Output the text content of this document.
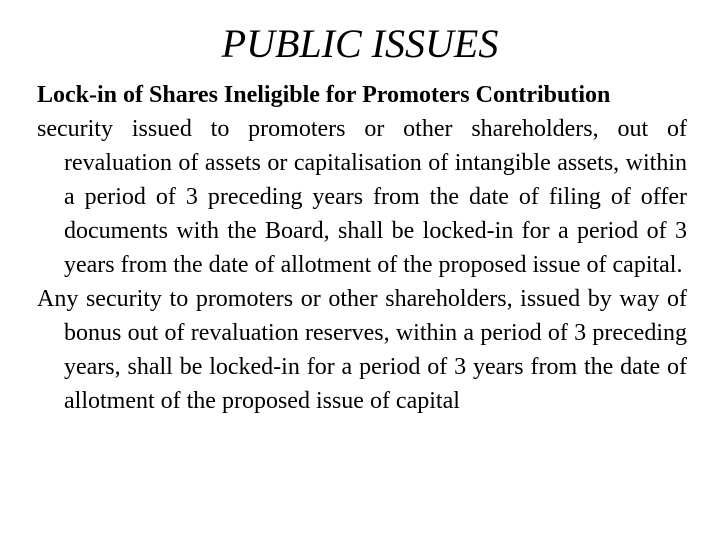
PUBLIC ISSUES

Lock-in of Shares Ineligible for Promoters Contribution

security issued to promoters or other shareholders, out of revaluation of assets or capitalisation of intangible assets, within a period of 3 preceding years from the date of filing of offer documents with the Board, shall be locked-in for a period of 3 years from the date of allotment of the proposed issue of capital.

Any security to promoters or other shareholders, issued by way of bonus out of revaluation reserves, within a period of 3 preceding years, shall be locked-in for a period of 3 years from the date of allotment of the proposed issue of capital
